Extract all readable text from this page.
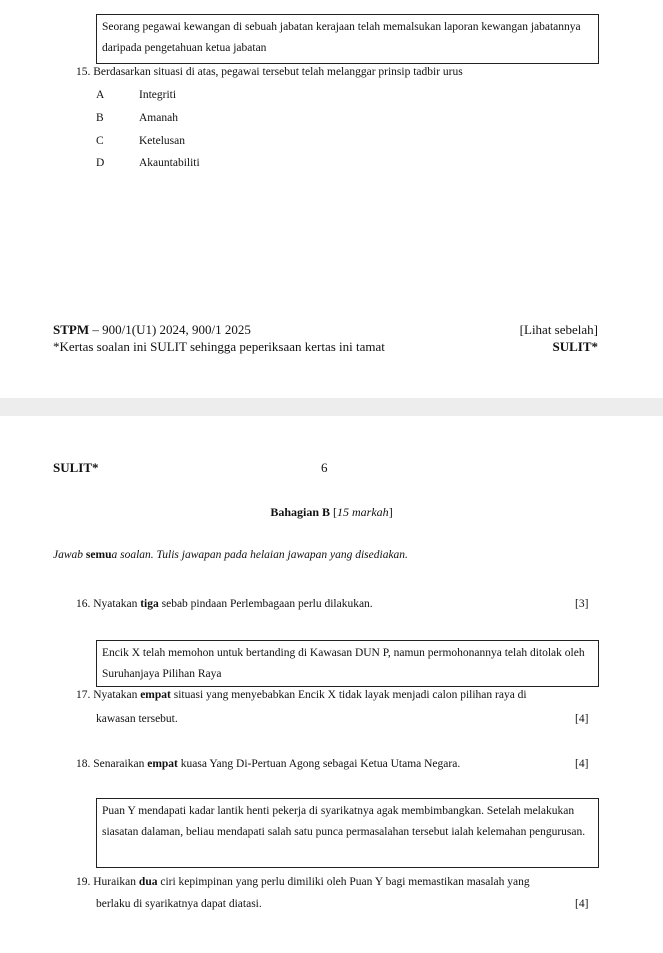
Seorang pegawai kewangan di sebuah jabatan kerajaan telah memalsukan laporan kewangan jabatannya daripada pengetahuan ketua jabatan
15. Berdasarkan situasi di atas, pegawai tersebut telah melanggar prinsip tadbir urus
A	Integriti
B	Amanah
C	Ketelusan
D	Akauntabiliti
STPM – 900/1(U1) 2024, 900/1 2025	[Lihat sebelah]
*Kertas soalan ini SULIT sehingga peperiksaan kertas ini tamat	SULIT*
SULIT*	6
Bahagian B [15 markah]
Jawab semua soalan. Tulis jawapan pada helaian jawapan yang disediakan.
16. Nyatakan tiga sebab pindaan Perlembagaan perlu dilakukan.	[3]
Encik X telah memohon untuk bertanding di Kawasan DUN P, namun permohonannya telah ditolak oleh Suruhanjaya Pilihan Raya
17. Nyatakan empat situasi yang menyebabkan Encik X tidak layak menjadi calon pilihan raya di
kawasan tersebut.	[4]
18. Senaraikan empat kuasa Yang Di-Pertuan Agong sebagai Ketua Utama Negara.	[4]
Puan Y mendapati kadar lantik henti pekerja di syarikatnya agak membimbangkan. Setelah melakukan siasatan dalaman, beliau mendapati salah satu punca permasalahan tersebut ialah kelemahan pengurusan.
19. Huraikan dua ciri kepimpinan yang perlu dimiliki oleh Puan Y bagi memastikan masalah yang
berlaku di syarikatnya dapat diatasi.	[4]
